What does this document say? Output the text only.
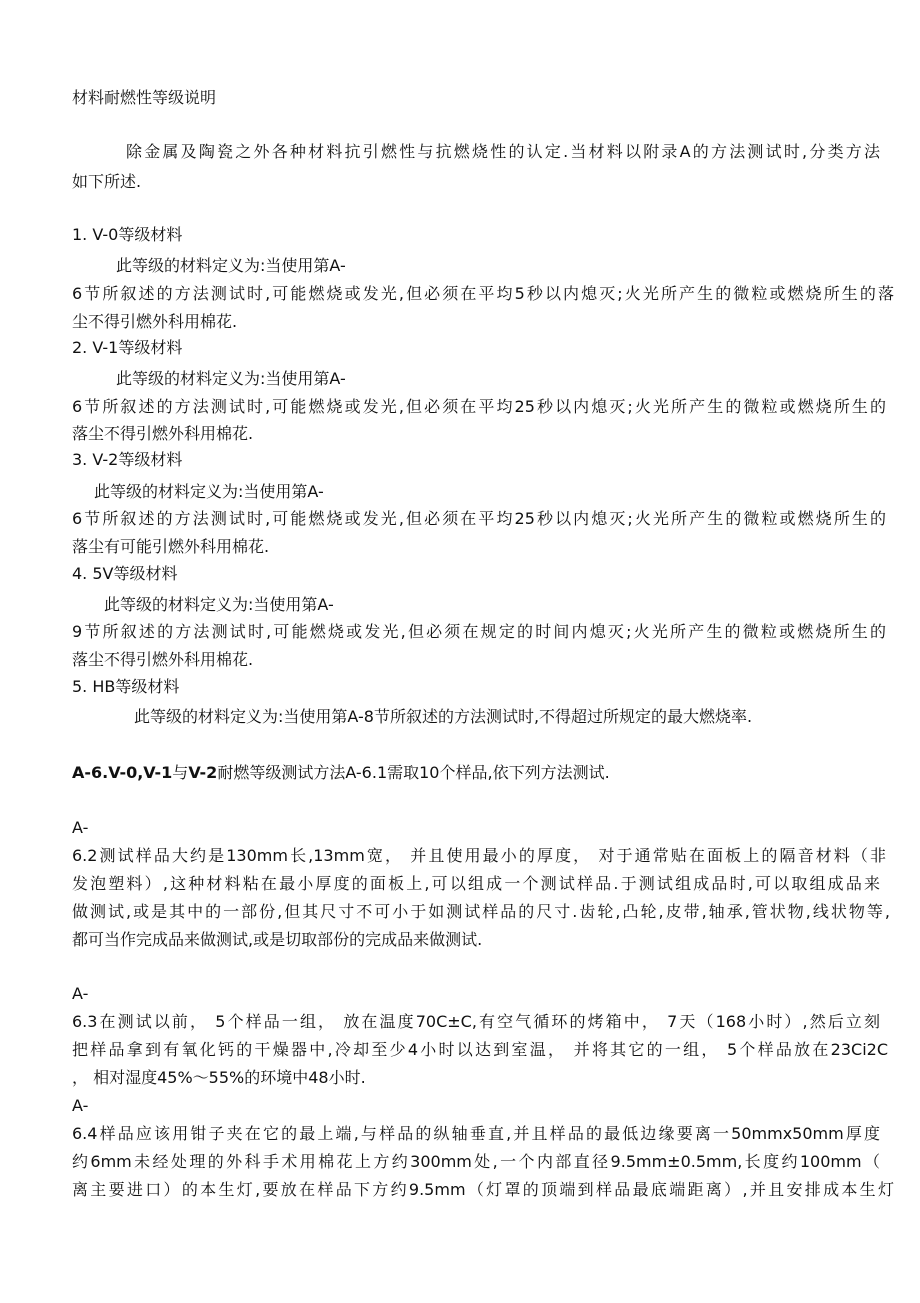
材料耐燃性等级说明
除金属及陶瓷之外各种材料抗引燃性与抗燃烧性的认定.当材料以附录A的方法测试时,分类方法
如下所述.
1. V-0等级材料
此等级的材料定义为:当使用第A-
6节所叙述的方法测试时,可能燃烧或发光,但必须在平均5秒以内熄灭;火光所产生的微粒或燃烧所生的落
尘不得引燃外科用棉花.
2. V-1等级材料
此等级的材料定义为:当使用第A-
6节所叙述的方法测试时,可能燃烧或发光,但必须在平均25秒以内熄灭;火光所产生的微粒或燃烧所生的
落尘不得引燃外科用棉花.
3. V-2等级材料
此等级的材料定义为:当使用第A-
6节所叙述的方法测试时,可能燃烧或发光,但必须在平均25秒以内熄灭;火光所产生的微粒或燃烧所生的
落尘有可能引燃外科用棉花.
4. 5V等级材料
此等级的材料定义为:当使用第A-
9节所叙述的方法测试时,可能燃烧或发光,但必须在规定的时间内熄灭;火光所产生的微粒或燃烧所生的
落尘不得引燃外科用棉花.
5. HB等级材料
此等级的材料定义为:当使用第A-8节所叙述的方法测试时,不得超过所规定的最大燃烧率.
A-6.V-0,V-1与V-2耐燃等级测试方法A-6.1需取10个样品,依下列方法测试.
A-
6.2测试样品大约是130mm长,13mm宽， 并且使用最小的厚度， 对于通常贴在面板上的隔音材料（非
发泡塑料）,这种材料粘在最小厚度的面板上,可以组成一个测试样品.于测试组成品时,可以取组成品来
做测试,或是其中的一部份,但其尺寸不可小于如测试样品的尺寸.齿轮,凸轮,皮带,轴承,管状物,线状物等,
都可当作完成品来做测试,或是切取部份的完成品来做测试.
A-
6.3在测试以前， 5个样品一组， 放在温度70C±C,有空气循环的烤箱中， 7天（168小时）,然后立刻
把样品拿到有氧化钙的干燥器中,冷却至少4小时以达到室温， 并将其它的一组， 5个样品放在23Ci2C
， 相对湿度45%〜55%的环境中48小时.
A-
6.4样品应该用钳子夹在它的最上端,与样品的纵轴垂直,并且样品的最低边缘要离一50mmx50mm厚度
约6mm未经处理的外科手术用棉花上方约300mm处,一个内部直径9.5mm±0.5mm,长度约100mm（
离主要进口）的本生灯,要放在样品下方约9.5mm（灯罩的顶端到样品最底端距离）,并且安排成本生灯
